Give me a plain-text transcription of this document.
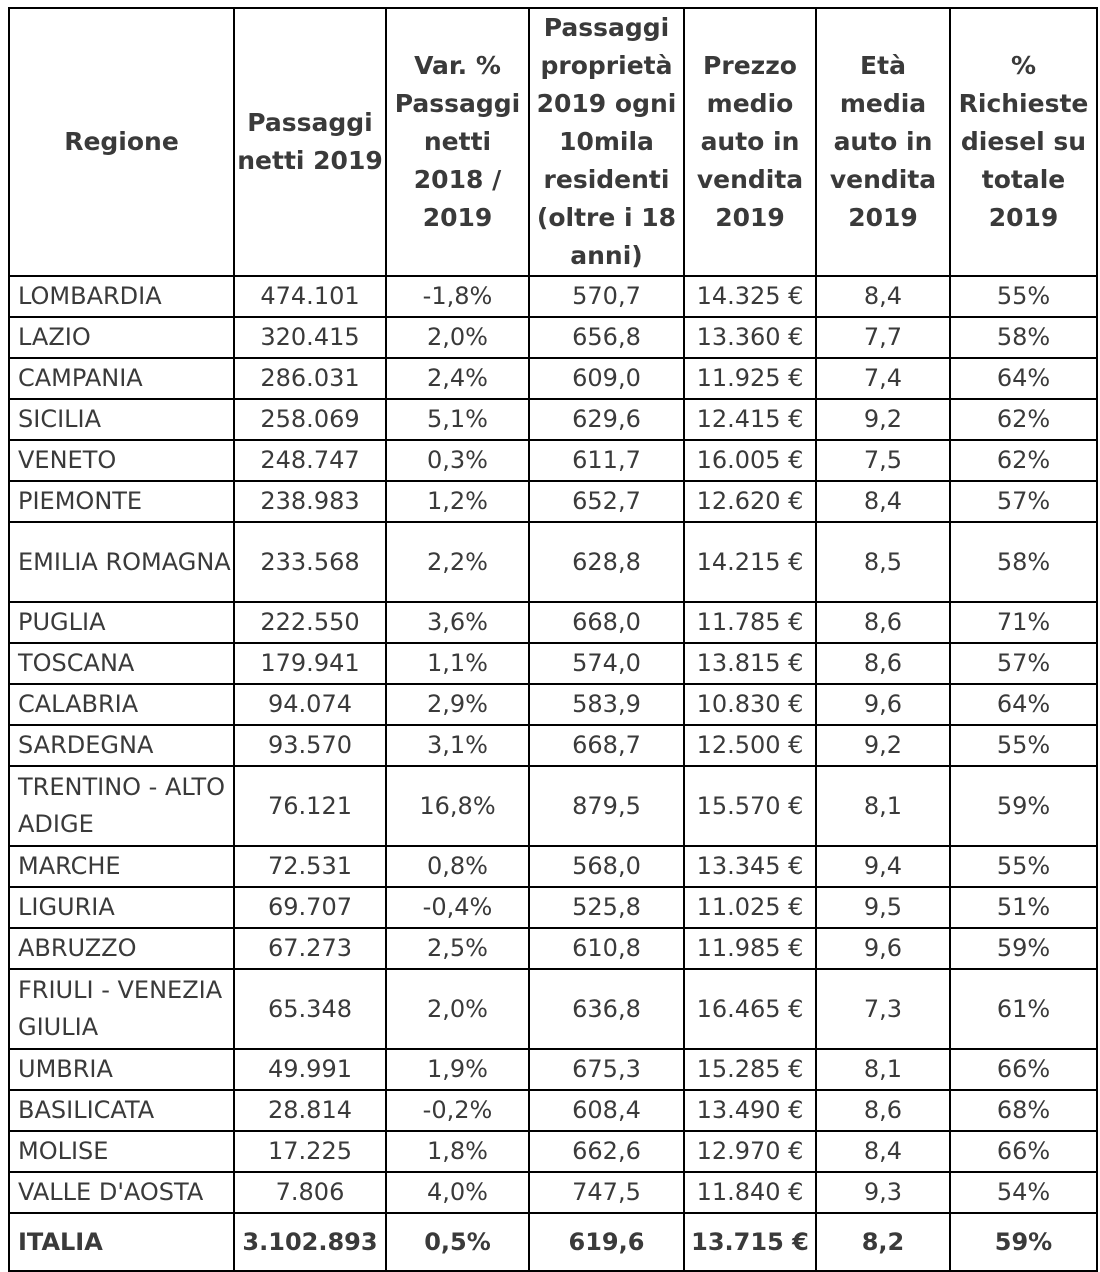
Regione	Passaggi netti 2019	Var. % Passaggi netti 2018 / 2019	Passaggi proprietà 2019 ogni 10mila residenti (oltre i 18 anni)	Prezzo medio auto in vendita 2019	Età media auto in vendita 2019	% Richieste diesel su totale 2019
LOMBARDIA	474.101	-1,8%	570,7	14.325 €	8,4	55%
LAZIO	320.415	2,0%	656,8	13.360 €	7,7	58%
CAMPANIA	286.031	2,4%	609,0	11.925 €	7,4	64%
SICILIA	258.069	5,1%	629,6	12.415 €	9,2	62%
VENETO	248.747	0,3%	611,7	16.005 €	7,5	62%
PIEMONTE	238.983	1,2%	652,7	12.620 €	8,4	57%
EMILIA ROMAGNA	233.568	2,2%	628,8	14.215 €	8,5	58%
PUGLIA	222.550	3,6%	668,0	11.785 €	8,6	71%
TOSCANA	179.941	1,1%	574,0	13.815 €	8,6	57%
CALABRIA	94.074	2,9%	583,9	10.830 €	9,6	64%
SARDEGNA	93.570	3,1%	668,7	12.500 €	9,2	55%
TRENTINO - ALTO ADIGE	76.121	16,8%	879,5	15.570 €	8,1	59%
MARCHE	72.531	0,8%	568,0	13.345 €	9,4	55%
LIGURIA	69.707	-0,4%	525,8	11.025 €	9,5	51%
ABRUZZO	67.273	2,5%	610,8	11.985 €	9,6	59%
FRIULI - VENEZIA GIULIA	65.348	2,0%	636,8	16.465 €	7,3	61%
UMBRIA	49.991	1,9%	675,3	15.285 €	8,1	66%
BASILICATA	28.814	-0,2%	608,4	13.490 €	8,6	68%
MOLISE	17.225	1,8%	662,6	12.970 €	8,4	66%
VALLE D'AOSTA	7.806	4,0%	747,5	11.840 €	9,3	54%
ITALIA	3.102.893	0,5%	619,6	13.715 €	8,2	59%
